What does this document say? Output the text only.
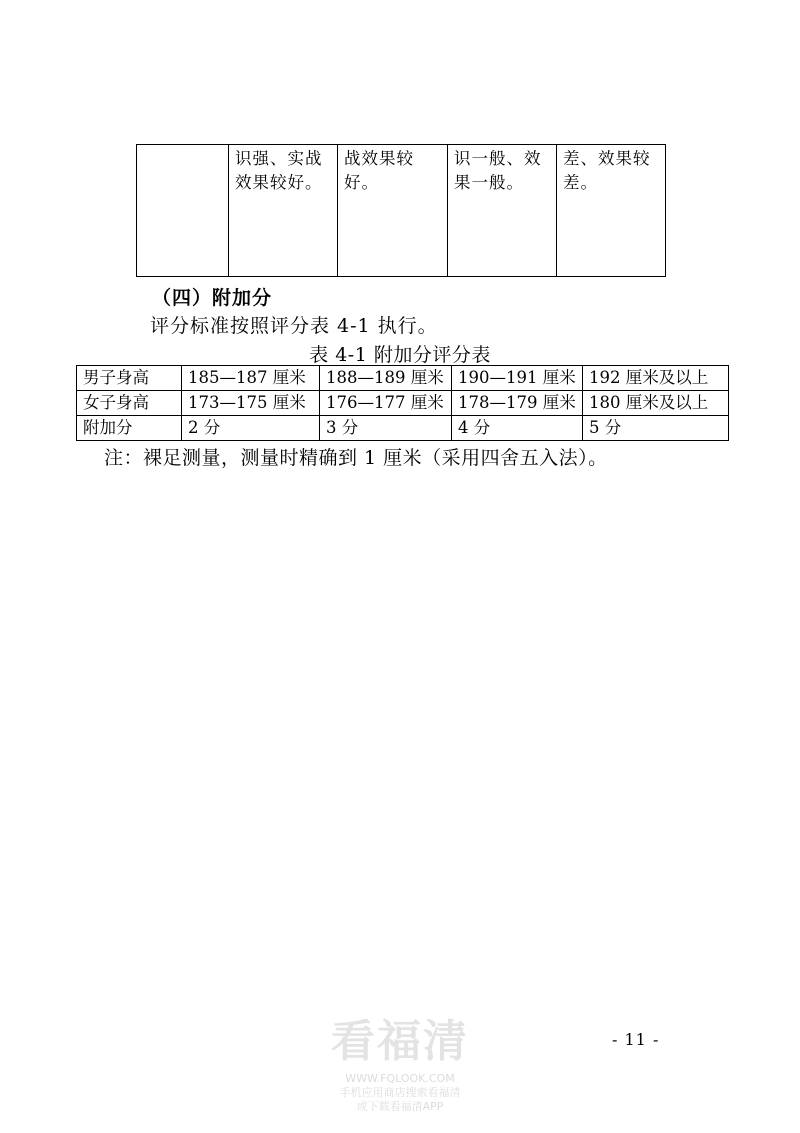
	识强、实战效果较好。	战效果较好。	识一般、效果一般。	差、效果较差。
（四）附加分
评分标准按照评分表 4-1 执行。
表 4-1 附加分评分表
男子身高	185—187 厘米	188—189 厘米	190—191 厘米	192 厘米及以上
女子身高	173—175 厘米	176—177 厘米	178—179 厘米	180 厘米及以上
附加分	2 分	3 分	4 分	5 分
注：裸足测量，测量时精确到 1 厘米（采用四舍五入法）。
- 11 -
看福清
WWW.FQLOOK.COM
手机应用商店搜索看福清
或下载看福清APP
